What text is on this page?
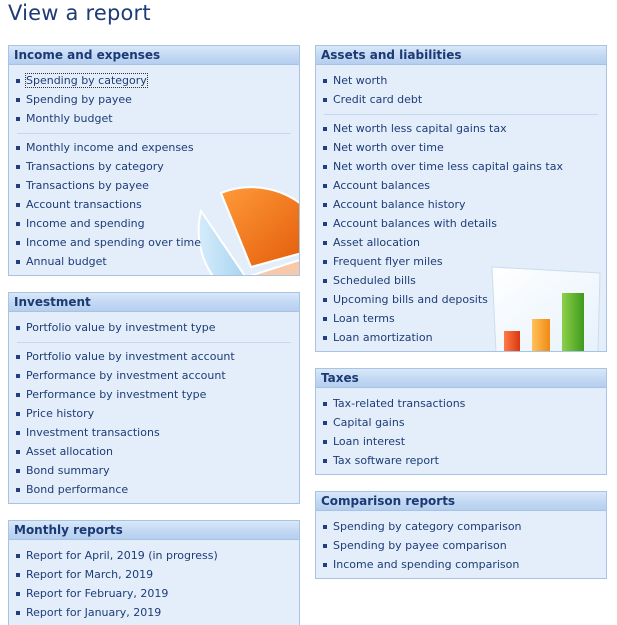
View a report
Income and expenses
Spending by category
Spending by payee
Monthly budget
Monthly income and expenses
Transactions by category
Transactions by payee
Account transactions
Income and spending
Income and spending over time
Annual budget
Investment
Portfolio value by investment type
Portfolio value by investment account
Performance by investment account
Performance by investment type
Price history
Investment transactions
Asset allocation
Bond summary
Bond performance
Monthly reports
Report for April, 2019 (in progress)
Report for March, 2019
Report for February, 2019
Report for January, 2019
Assets and liabilities
Net worth
Credit card debt
Net worth less capital gains tax
Net worth over time
Net worth over time less capital gains tax
Account balances
Account balance history
Account balances with details
Asset allocation
Frequent flyer miles
Scheduled bills
Upcoming bills and deposits
Loan terms
Loan amortization
Taxes
Tax-related transactions
Capital gains
Loan interest
Tax software report
Comparison reports
Spending by category comparison
Spending by payee comparison
Income and spending comparison
